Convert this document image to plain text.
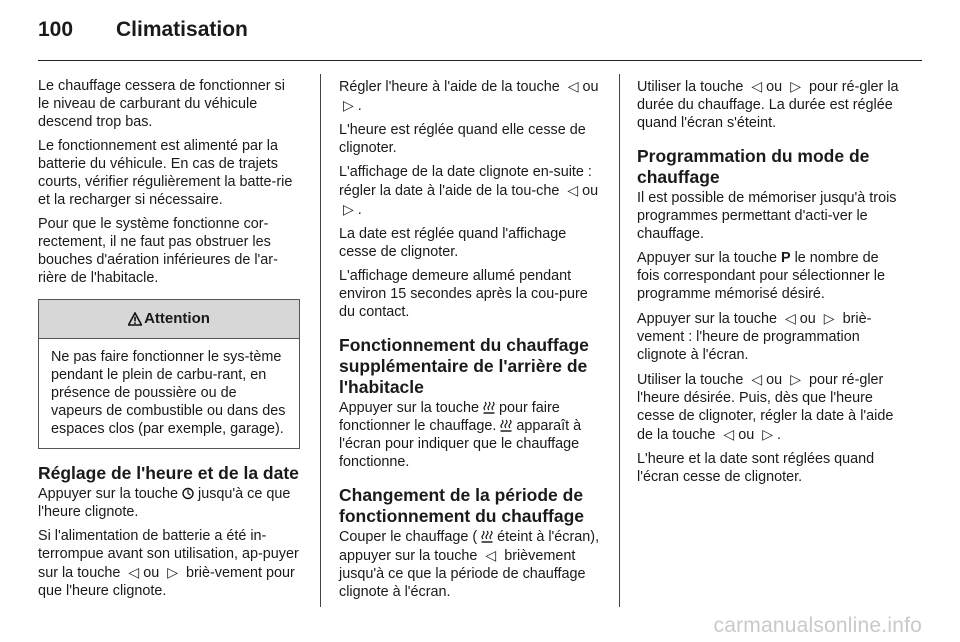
100	Climatisation

Le chauffage cessera de fonctionner si le niveau de carburant du véhicule descend trop bas.

Le fonctionnement est alimenté par la batterie du véhicule. En cas de trajets courts, vérifier régulièrement la batte-rie et la recharger si nécessaire.

Pour que le système fonctionne cor-rectement, il ne faut pas obstruer les bouches d'aération inférieures de l'ar-rière de l'habitacle.

Attention
Ne pas faire fonctionner le sys-tème pendant le plein de carbu-rant, en présence de poussière ou de vapeurs de combustible ou dans des espaces clos (par exemple, garage).
Réglage de l'heure et de la date

Appuyer sur la touche jusqu'à ce que l'heure clignote.

Si l'alimentation de batterie a été in-terrompue avant son utilisation, ap-puyer sur la touche ◁ ou ▷ briè-vement pour que l'heure clignote.

Régler l'heure à l'aide de la touche ◁ ou ▷ .

L'heure est réglée quand elle cesse de clignoter.

L'affichage de la date clignote en-suite : régler la date à l'aide de la tou-che ◁ ou ▷ .

La date est réglée quand l'affichage cesse de clignoter.

L'affichage demeure allumé pendant environ 15 secondes après la cou-pure du contact.

Fonctionnement du chauffage supplémentaire de l'arrière de l'habitacle

Appuyer sur la touche pour faire fonctionner le chauffage. apparaît à l'écran pour indiquer que le chauffage fonctionne.

Changement de la période de fonctionnement du chauffage

Couper le chauffage ( éteint à l'écran), appuyer sur la touche ◁ brièvement jusqu'à ce que la période de chauffage clignote à l'écran.

Utiliser la touche ◁ ou ▷ pour ré-gler la durée du chauffage. La durée est réglée quand l'écran s'éteint.

Programmation du mode de chauffage

Il est possible de mémoriser jusqu'à trois programmes permettant d'acti-ver le chauffage.

Appuyer sur la touche P le nombre de fois correspondant pour sélectionner le programme mémorisé désiré.

Appuyer sur la touche ◁ ou ▷ briè-vement : l'heure de programmation clignote à l'écran.

Utiliser la touche ◁ ou ▷ pour ré-gler l'heure désirée. Puis, dès que l'heure cesse de clignoter, régler la date à l'aide de la touche ◁ ou ▷ .

L'heure et la date sont réglées quand l'écran cesse de clignoter.

carmanualsonline.info
